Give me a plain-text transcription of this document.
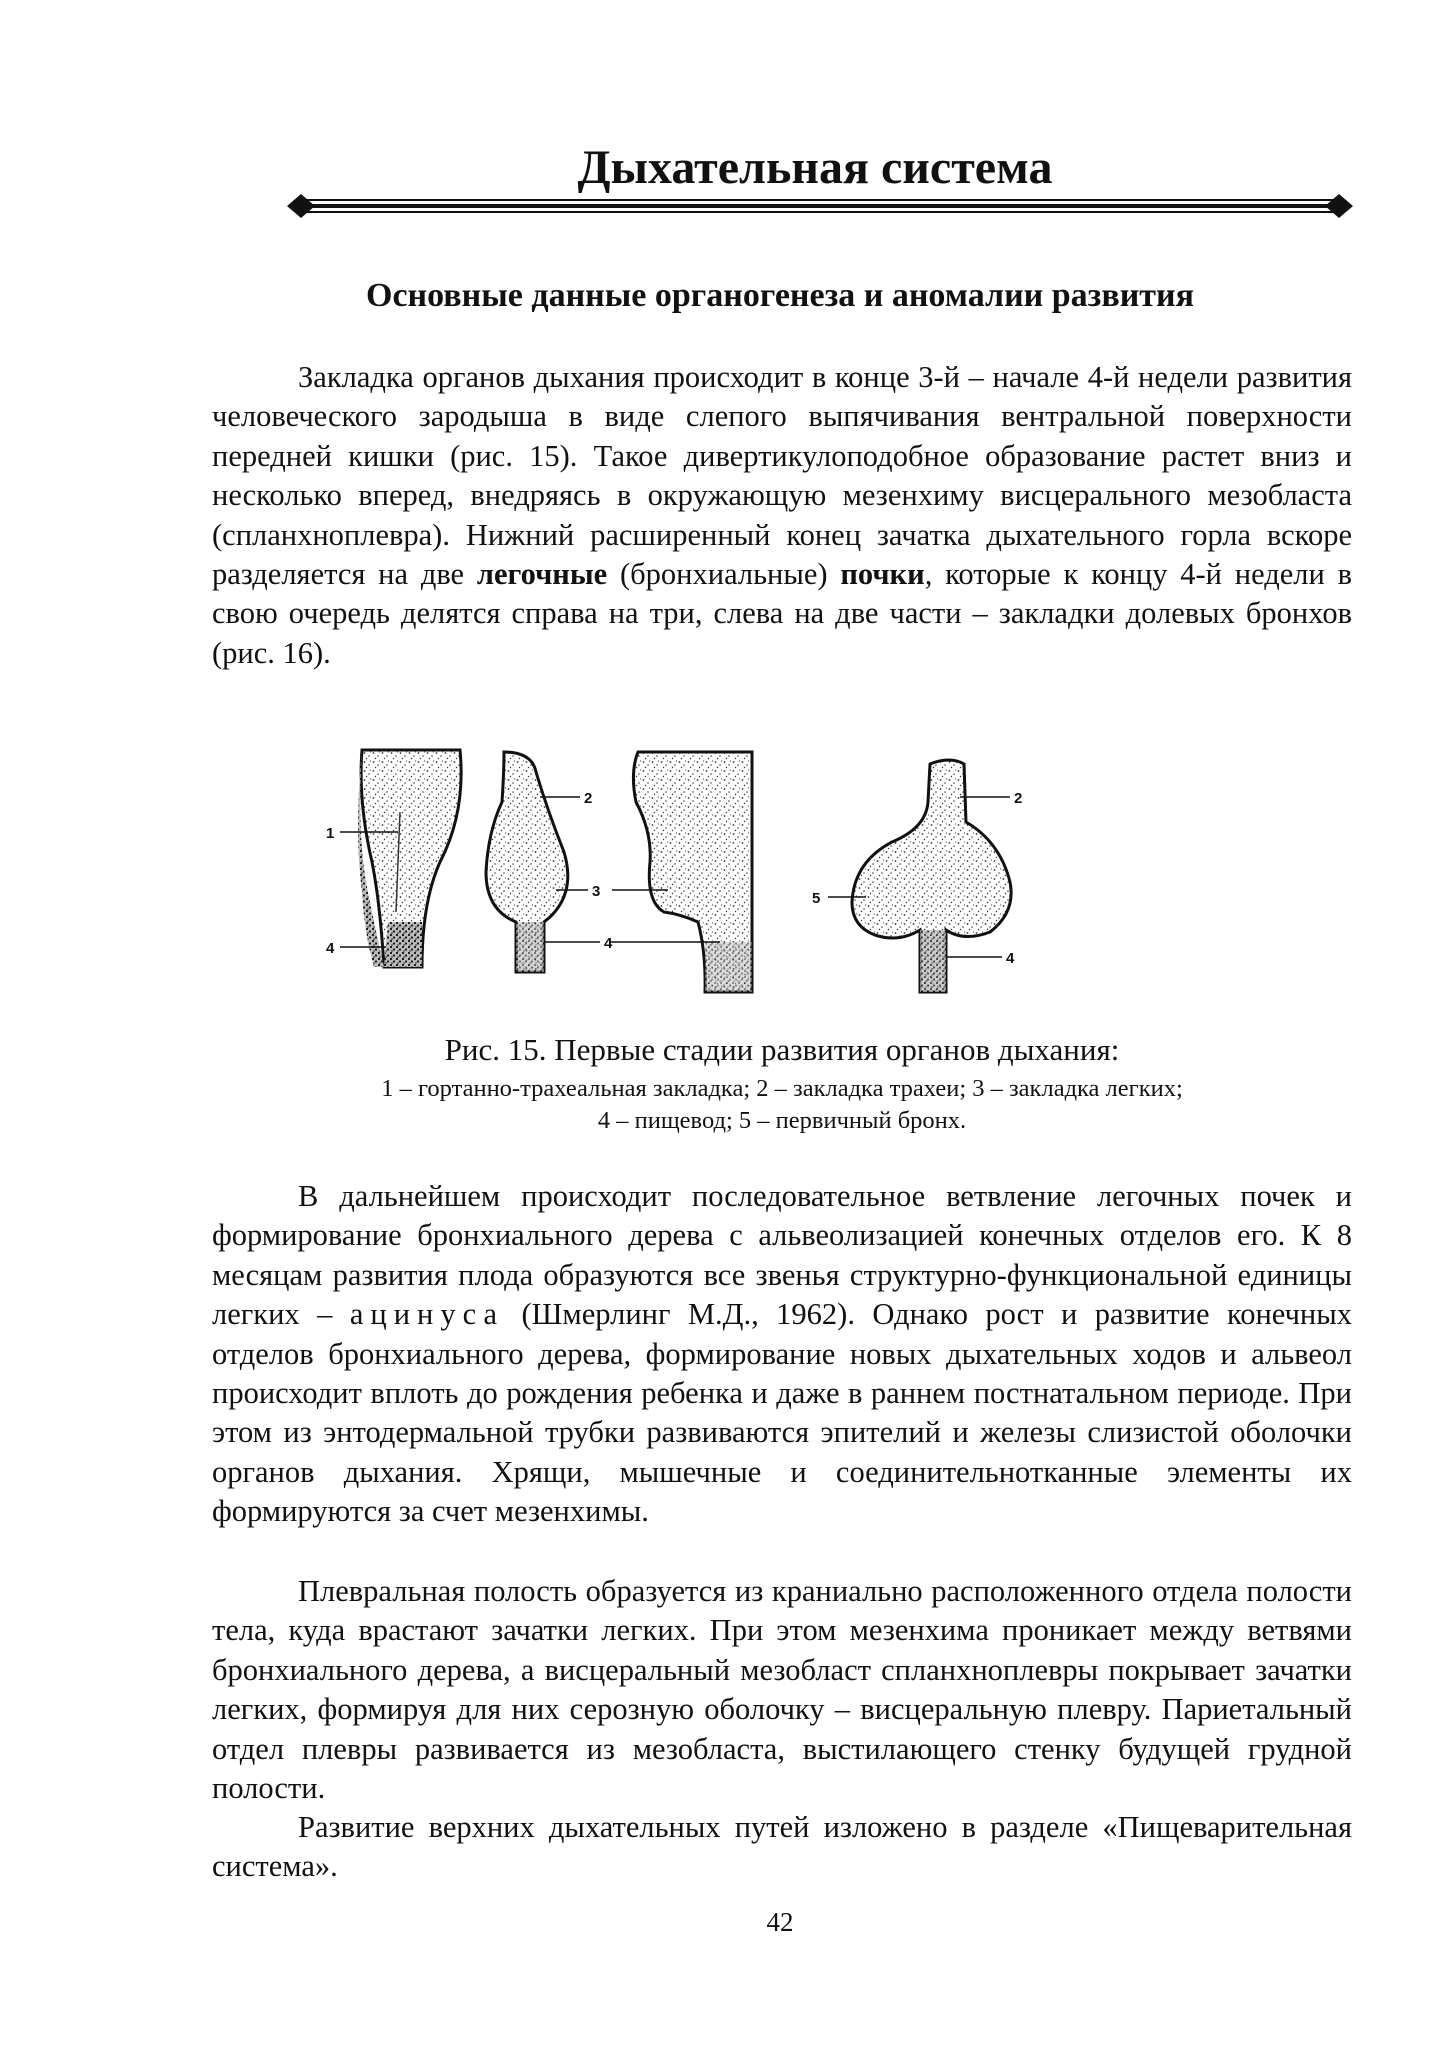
Дыхательная система
Основные данные органогенеза и аномалии развития

Закладка органов дыхания происходит в конце 3-й – начале 4-й недели развития человеческого зародыша в виде слепого выпячивания вентральной поверхности передней кишки (рис. 15). Такое дивертикулоподобное образование растет вниз и несколько вперед, внедряясь в окружающую мезенхиму висцерального мезобласта (спланхноплевра). Нижний расширенный конец зачатка дыхательного горла вскоре разделяется на две легочные (бронхиальные) почки, которые к концу 4-й недели в свою очередь делятся справа на три, слева на две части – закладки долевых бронхов (рис. 16).

1
4
2
3
4
2
5
4
Рис. 15. Первые стадии развития органов дыхания:
1 – гортанно-трахеальная закладка; 2 – закладка трахеи; 3 – закладка легких;
4 – пищевод; 5 – первичный бронх.

В дальнейшем происходит последовательное ветвление легочных почек и формирование бронхиального дерева с альвеолизацией конечных отделов его. К 8 месяцам развития плода образуются все звенья структурно-функциональной единицы легких – ацинуса (Шмерлинг М.Д., 1962). Однако рост и развитие конечных отделов бронхиального дерева, формирование новых дыхательных ходов и альвеол происходит вплоть до рождения ребенка и даже в раннем постнатальном периоде. При этом из энтодермальной трубки развиваются эпителий и железы слизистой оболочки органов дыхания. Хрящи, мышечные и соединительнотканные элементы их формируются за счет мезенхимы.

Плевральная полость образуется из краниально расположенного отдела полости тела, куда врастают зачатки легких. При этом мезенхима проникает между ветвями бронхиального дерева, а висцеральный мезобласт спланхноплевры покрывает зачатки легких, формируя для них серозную оболочку – висцеральную плевру. Париетальный отдел плевры развивается из мезобласта, выстилающего стенку будущей грудной полости.

Развитие верхних дыхательных путей изложено в разделе «Пищеварительная система».

42
